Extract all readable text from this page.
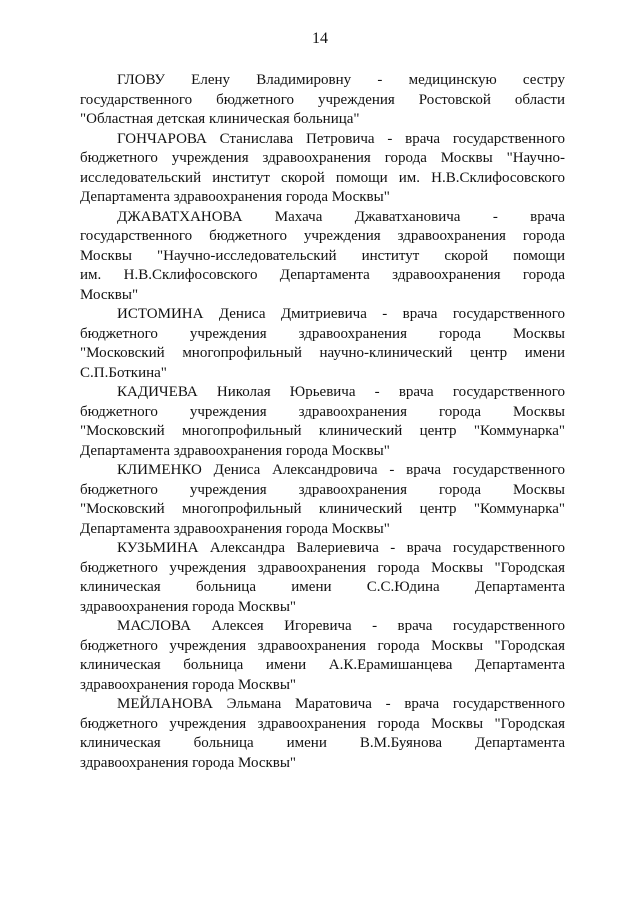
14
ГЛОВУ Елену Владимировну - медицинскую сестру
государственного бюджетного учреждения Ростовской области
"Областная детская клиническая больница"
ГОНЧАРОВА Станислава Петровича - врача государственного
бюджетного учреждения здравоохранения города Москвы "Научно-
исследовательский институт скорой помощи им. Н.В.Склифосовского
Департамента здравоохранения города Москвы"
ДЖАВАТХАНОВА Махача Джаватхановича - врача
государственного бюджетного учреждения здравоохранения города
Москвы "Научно-исследовательский институт скорой помощи
им. Н.В.Склифосовского Департамента здравоохранения города
Москвы"
ИСТОМИНА Дениса Дмитриевича - врача государственного
бюджетного учреждения здравоохранения города Москвы
"Московский многопрофильный научно-клинический центр имени
С.П.Боткина"
КАДИЧЕВА Николая Юрьевича - врача государственного
бюджетного учреждения здравоохранения города Москвы
"Московский многопрофильный клинический центр "Коммунарка"
Департамента здравоохранения города Москвы"
КЛИМЕНКО Дениса Александровича - врача государственного
бюджетного учреждения здравоохранения города Москвы
"Московский многопрофильный клинический центр "Коммунарка"
Департамента здравоохранения города Москвы"
КУЗЬМИНА Александра Валериевича - врача государственного
бюджетного учреждения здравоохранения города Москвы "Городская
клиническая больница имени С.С.Юдина Департамента
здравоохранения города Москвы"
МАСЛОВА Алексея Игоревича - врача государственного
бюджетного учреждения здравоохранения города Москвы "Городская
клиническая больница имени А.К.Ерамишанцева Департамента
здравоохранения города Москвы"
МЕЙЛАНОВА Эльмана Маратовича - врача государственного
бюджетного учреждения здравоохранения города Москвы "Городская
клиническая больница имени В.М.Буянова Департамента
здравоохранения города Москвы"
